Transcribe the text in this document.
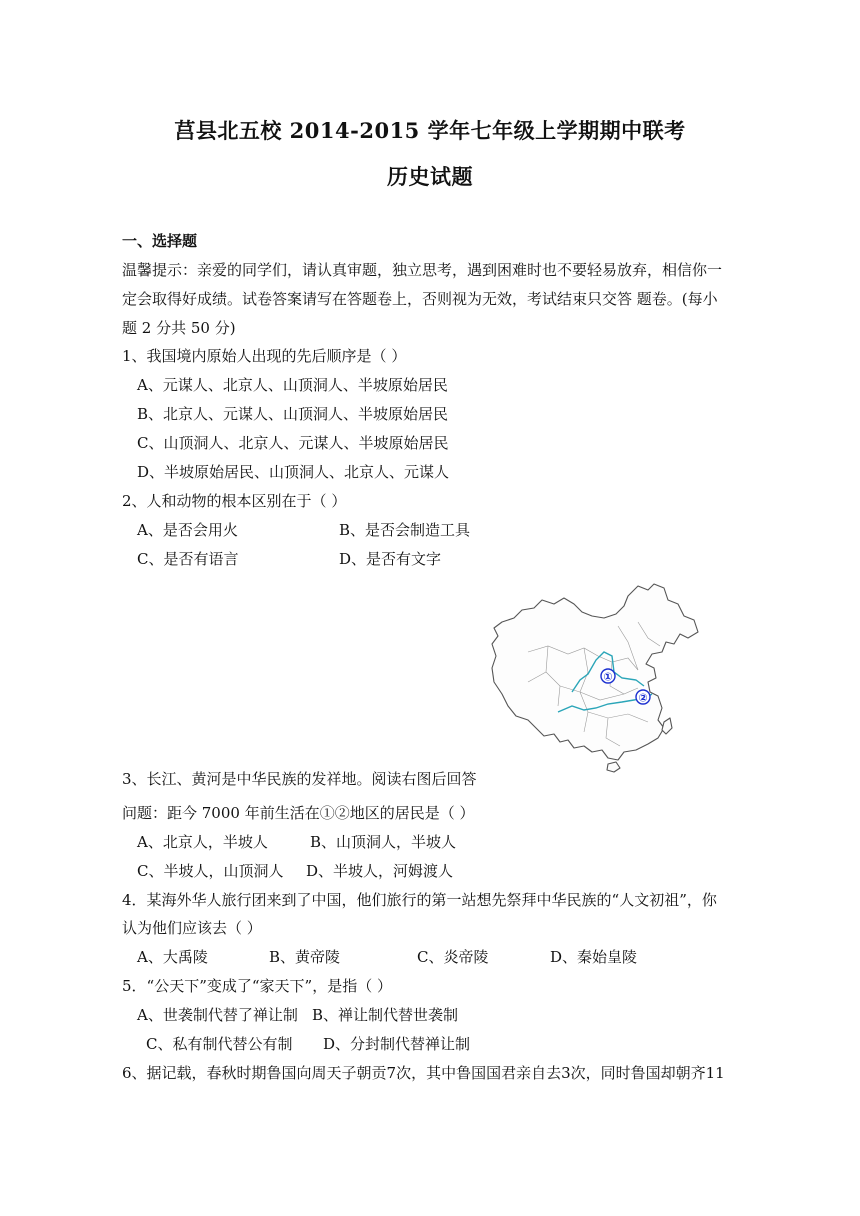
莒县北五校 2014-2015 学年七年级上学期期中联考
历史试题
一、选择题
温馨提示：亲爱的同学们，请认真审题，独立思考，遇到困难时也不要轻易放弃，相信你一
定会取得好成绩。试卷答案请写在答题卷上，否则视为无效，考试结束只交答 题卷。(每小
题 2 分共 50 分)
1、我国境内原始人出现的先后顺序是（ ）
A、元谋人、北京人、山顶洞人、半坡原始居民
B、北京人、元谋人、山顶洞人、半坡原始居民
C、山顶洞人、北京人、元谋人、半坡原始居民
D、半坡原始居民、山顶洞人、北京人、元谋人
2、人和动物的根本区别在于（ ）
A、是否会用火	B、是否会制造工具
C、是否有语言	D、是否有文字
①
②
3、长江、黄河是中华民族的发祥地。阅读右图后回答
问题：距今 7000 年前生活在①②地区的居民是（ ）
A、北京人，半坡人	B、山顶洞人，半坡人
C、半坡人，山顶洞人 D、半坡人，河姆渡人
4．某海外华人旅行团来到了中国，他们旅行的第一站想先祭拜中华民族的“人文初祖”，你
认为他们应该去（ ）
A、大禹陵	B、黄帝陵	C、炎帝陵	D、秦始皇陵
5．“公天下”变成了“家天下”，是指（ ）
A、世袭制代替了禅让制 B、禅让制代替世袭制
C、私有制代替公有制 D、分封制代替禅让制
6、据记载，春秋时期鲁国向周天子朝贡7次，其中鲁国国君亲自去3次，同时鲁国却朝齐11
